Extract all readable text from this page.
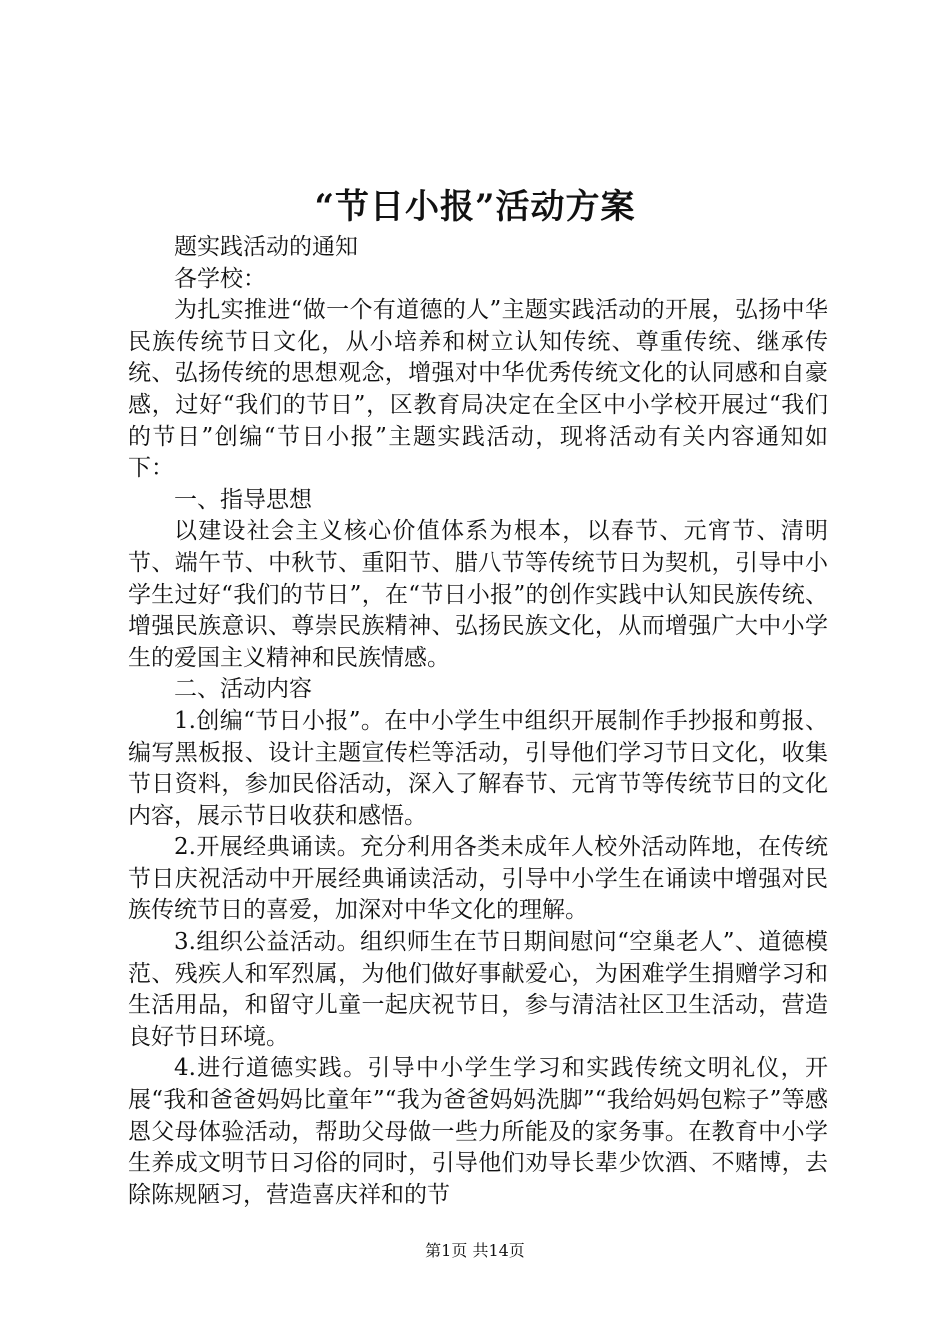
“节日小报”活动方案

题实践活动的通知

各学校：

为扎实推进“做一个有道德的人”主题实践活动的开展，弘扬中华民族传统节日文化，从小培养和树立认知传统、尊重传统、继承传统、弘扬传统的思想观念，增强对中华优秀传统文化的认同感和自豪感，过好“我们的节日”，区教育局决定在全区中小学校开展过“我们的节日”创编“节日小报”主题实践活动，现将活动有关内容通知如下：

一、指导思想

以建设社会主义核心价值体系为根本，以春节、元宵节、清明节、端午节、中秋节、重阳节、腊八节等传统节日为契机，引导中小学生过好“我们的节日”，在“节日小报”的创作实践中认知民族传统、增强民族意识、尊崇民族精神、弘扬民族文化，从而增强广大中小学生的爱国主义精神和民族情感。

二、活动内容

1.创编“节日小报”。在中小学生中组织开展制作手抄报和剪报、编写黑板报、设计主题宣传栏等活动，引导他们学习节日文化，收集节日资料，参加民俗活动，深入了解春节、元宵节等传统节日的文化内容，展示节日收获和感悟。

2.开展经典诵读。充分利用各类未成年人校外活动阵地，在传统节日庆祝活动中开展经典诵读活动，引导中小学生在诵读中增强对民族传统节日的喜爱，加深对中华文化的理解。

3.组织公益活动。组织师生在节日期间慰问“空巢老人”、道德模范、残疾人和军烈属，为他们做好事献爱心，为困难学生捐赠学习和生活用品，和留守儿童一起庆祝节日，参与清洁社区卫生活动，营造良好节日环境。

4.进行道德实践。引导中小学生学习和实践传统文明礼仪，开展“我和爸爸妈妈比童年”“我为爸爸妈妈洗脚”“我给妈妈包粽子”等感恩父母体验活动，帮助父母做一些力所能及的家务事。在教育中小学生养成文明节日习俗的同时，引导他们劝导长辈少饮酒、不赌博，去除陈规陋习，营造喜庆祥和的节

第1页 共14页
